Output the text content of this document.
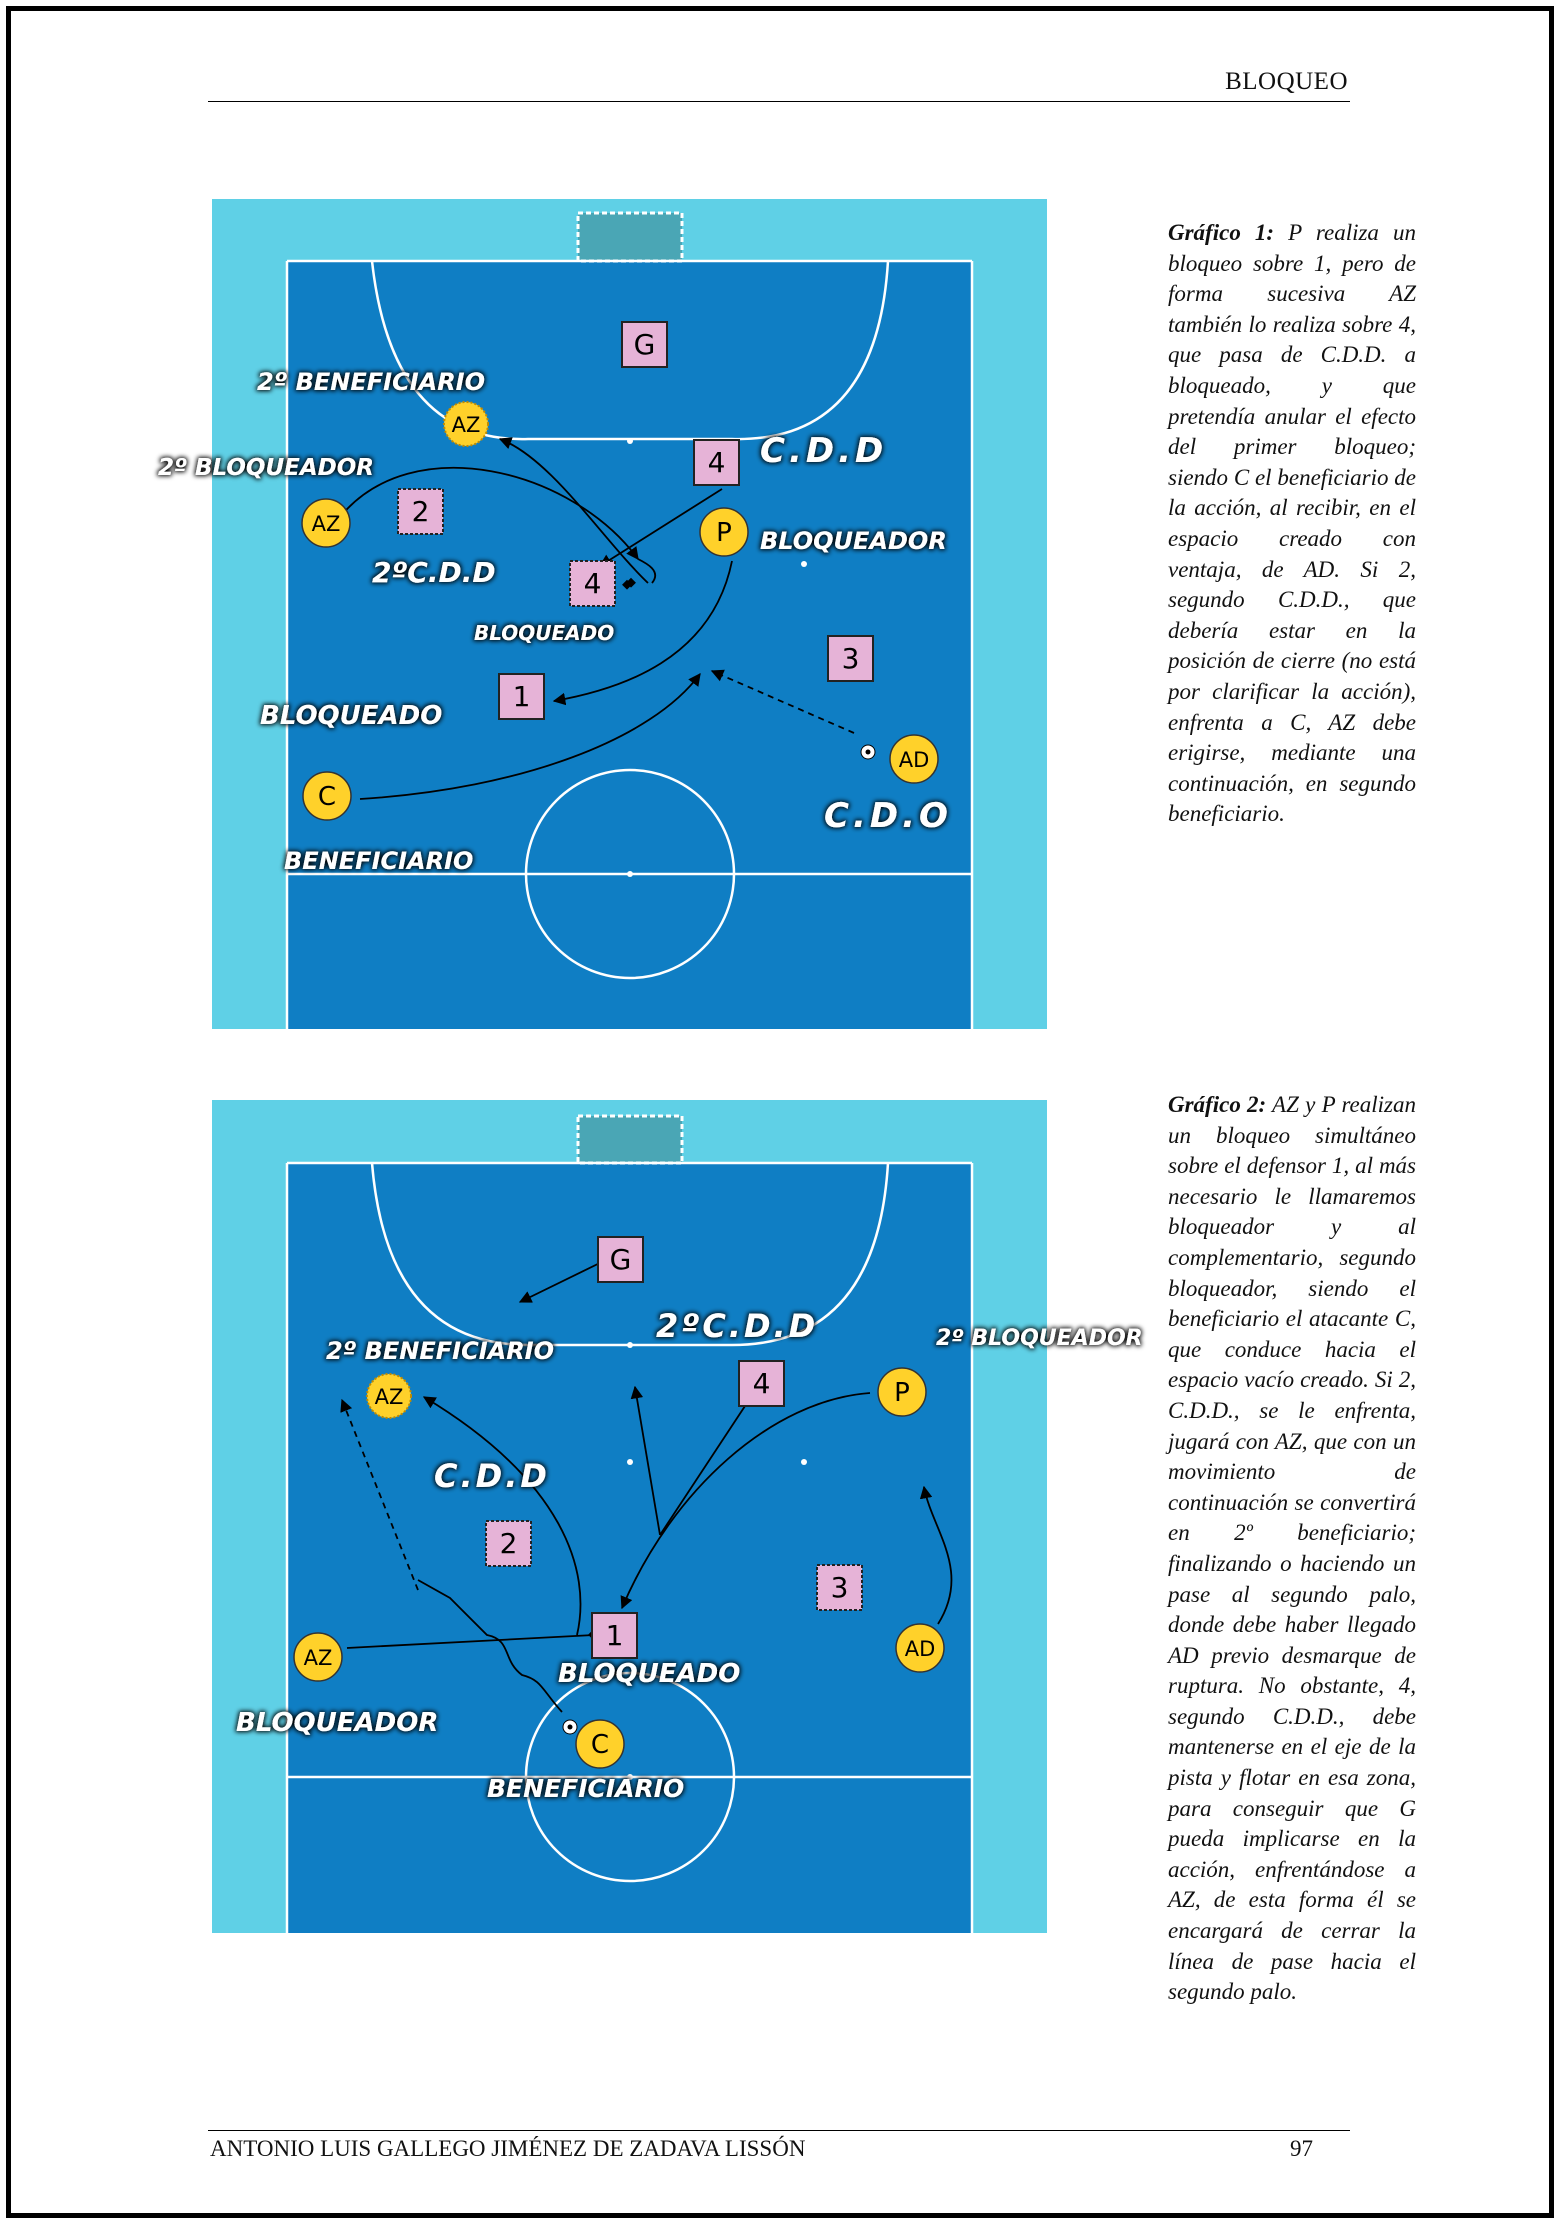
BLOQUEO
G
4
2
4
1
3
AZ
AZ	P
C
AD
2º BENEFICIARIO
C.D.D
BLOQUEADOR
2ºC.D.D
BLOQUEADO
BLOQUEADO
BENEFICIARIO
C.D.O
2º BLOQUEADOR
Gráfico 1: P realiza un bloqueo sobre 1, pero de forma sucesiva AZ también lo realiza sobre 4, que pasa de C.D.D. a bloqueado, y que pretendía anular el efecto del primer bloqueo; siendo C el beneficiario de la acción, al recibir, en el espacio creado con ventaja, de AD. Si 2, segundo C.D.D., que debería estar en la posición de cierre (no está por clarificar la acción), enfrenta a C, AZ debe erigirse, mediante una continuación, en segundo beneficiario.
G
4
2
3
1
AZ	P
AZ	AD
C
2º BENEFICIARIO
2ºC.D.D
C.D.D
BLOQUEADO
BLOQUEADOR
BENEFICIARIO
2º BLOQUEADOR
Gráfico 2: AZ y P realizan un bloqueo simultáneo sobre el defensor 1, al más necesario le llamaremos bloqueador y al complementario, segundo bloqueador, siendo el beneficiario el atacante C, que conduce hacia el espacio vacío creado. Si 2, C.D.D., se le enfrenta, jugará con AZ, que con un movimiento de continuación se convertirá en 2º beneficiario; finalizando o haciendo un pase al segundo palo, donde debe haber llegado AD previo desmarque de ruptura. No obstante, 4, segundo C.D.D., debe mantenerse en el eje de la pista y flotar en esa zona, para conseguir que G pueda implicarse en la acción, enfrentándose a AZ, de esta forma él se encargará de cerrar la línea de pase hacia el segundo palo.
ANTONIO LUIS GALLEGO JIMÉNEZ DE ZADAVA LISSÓN	97
